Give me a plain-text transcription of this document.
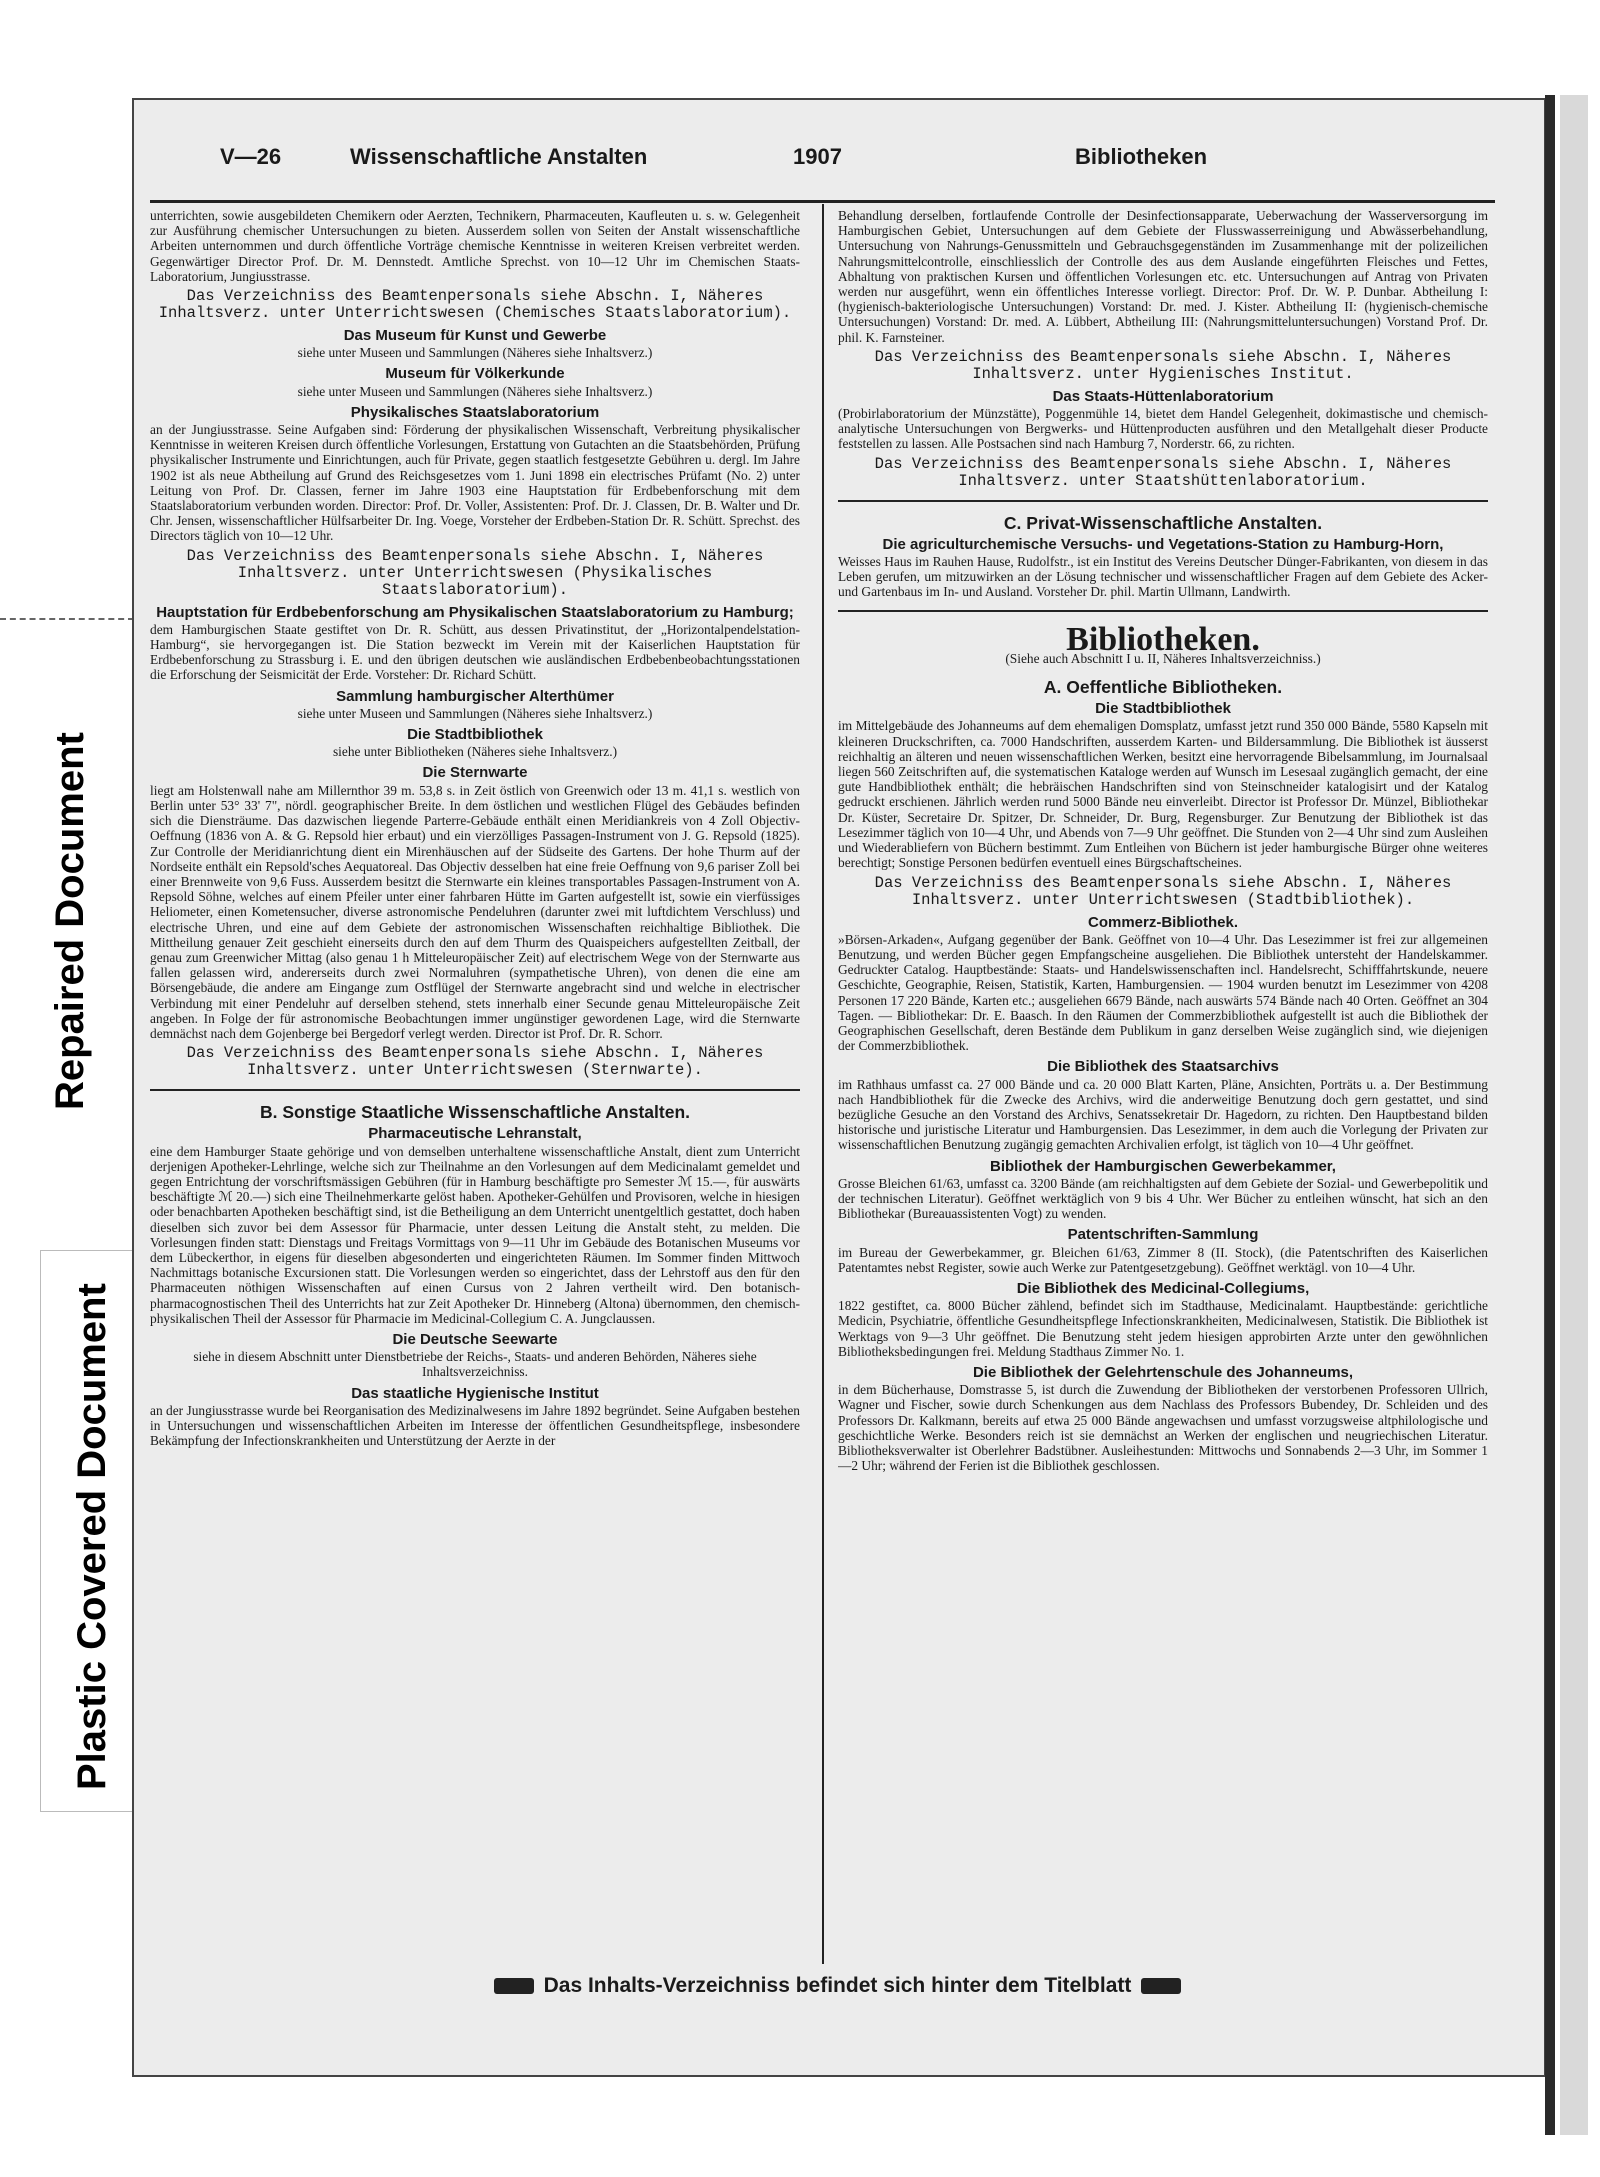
Repaired Document
Plastic Covered Document
V—26	Wissenschaftliche Anstalten	1907	Bibliotheken

unterrichten, sowie ausgebildeten Chemikern oder Aerzten, Technikern, Pharmaceuten, Kaufleuten u. s. w. Gelegenheit zur Ausführung chemischer Untersuchungen zu bieten. Ausserdem sollen von Seiten der Anstalt wissenschaftliche Arbeiten unternommen und durch öffentliche Vorträge chemische Kenntnisse in weiteren Kreisen verbreitet werden. Gegenwärtiger Director Prof. Dr. M. Dennstedt. Amtliche Sprechst. von 10—12 Uhr im Chemischen Staats-Laboratorium, Jungiusstrasse.

Das Verzeichniss des Beamtenpersonals siehe Abschn. I, Näheres Inhaltsverz. unter Unterrichtswesen (Chemisches Staatslaboratorium).

Das Museum für Kunst und Gewerbe

siehe unter Museen und Sammlungen (Näheres siehe Inhaltsverz.)

Museum für Völkerkunde

siehe unter Museen und Sammlungen (Näheres siehe Inhaltsverz.)

Physikalisches Staatslaboratorium

an der Jungiusstrasse. Seine Aufgaben sind: Förderung der physikalischen Wissenschaft, Verbreitung physikalischer Kenntnisse in weiteren Kreisen durch öffentliche Vorlesungen, Erstattung von Gutachten an die Staatsbehörden, Prüfung physikalischer Instrumente und Einrichtungen, auch für Private, gegen staatlich festgesetzte Gebühren u. dergl. Im Jahre 1902 ist als neue Abtheilung auf Grund des Reichsgesetzes vom 1. Juni 1898 ein electrisches Prüfamt (No. 2) unter Leitung von Prof. Dr. Classen, ferner im Jahre 1903 eine Hauptstation für Erdbebenforschung mit dem Staatslaboratorium verbunden worden. Director: Prof. Dr. Voller, Assistenten: Prof. Dr. J. Classen, Dr. B. Walter und Dr. Chr. Jensen, wissenschaftlicher Hülfsarbeiter Dr. Ing. Voege, Vorsteher der Erdbeben-Station Dr. R. Schütt. Sprechst. des Directors täglich von 10—12 Uhr.

Das Verzeichniss des Beamtenpersonals siehe Abschn. I, Näheres Inhaltsverz. unter Unterrichtswesen (Physikalisches Staatslaboratorium).

Hauptstation für Erdbebenforschung am Physikalischen Staatslaboratorium zu Hamburg;

dem Hamburgischen Staate gestiftet von Dr. R. Schütt, aus dessen Privatinstitut, der „Horizontalpendelstation-Hamburg“, sie hervorgegangen ist. Die Station bezweckt im Verein mit der Kaiserlichen Hauptstation für Erdbebenforschung zu Strassburg i. E. und den übrigen deutschen wie ausländischen Erdbebenbeobachtungsstationen die Erforschung der Seismicität der Erde. Vorsteher: Dr. Richard Schütt.

Sammlung hamburgischer Alterthümer

siehe unter Museen und Sammlungen (Näheres siehe Inhaltsverz.)

Die Stadtbibliothek

siehe unter Bibliotheken (Näheres siehe Inhaltsverz.)

Die Sternwarte

liegt am Holstenwall nahe am Millernthor 39 m. 53,8 s. in Zeit östlich von Greenwich oder 13 m. 41,1 s. westlich von Berlin unter 53° 33' 7", nördl. geographischer Breite. In dem östlichen und westlichen Flügel des Gebäudes befinden sich die Diensträume. Das dazwischen liegende Parterre-Gebäude enthält einen Meridiankreis von 4 Zoll Objectiv-Oeffnung (1836 von A. & G. Repsold hier erbaut) und ein vierzölliges Passagen-Instrument von J. G. Repsold (1825). Zur Controlle der Meridianrichtung dient ein Mirenhäuschen auf der Südseite des Gartens. Der hohe Thurm auf der Nordseite enthält ein Repsold'sches Aequatoreal. Das Objectiv desselben hat eine freie Oeffnung von 9,6 pariser Zoll bei einer Brennweite von 9,6 Fuss. Ausserdem besitzt die Sternwarte ein kleines transportables Passagen-Instrument von A. Repsold Söhne, welches auf einem Pfeiler unter einer fahrbaren Hütte im Garten aufgestellt ist, sowie ein vierfüssiges Heliometer, einen Kometensucher, diverse astronomische Pendeluhren (darunter zwei mit luftdichtem Verschluss) und electrische Uhren, und eine auf dem Gebiete der astronomischen Wissenschaften reichhaltige Bibliothek. Die Mittheilung genauer Zeit geschieht einerseits durch den auf dem Thurm des Quaispeichers aufgestellten Zeitball, der genau zum Greenwicher Mittag (also genau 1 h Mitteleuropäischer Zeit) auf electrischem Wege von der Sternwarte aus fallen gelassen wird, andererseits durch zwei Normaluhren (sympathetische Uhren), von denen die eine am Börsengebäude, die andere am Eingange zum Ostflügel der Sternwarte angebracht sind und welche in electrischer Verbindung mit einer Pendeluhr auf derselben stehend, stets innerhalb einer Secunde genau Mitteleuropäische Zeit angeben. In Folge der für astronomische Beobachtungen immer ungünstiger gewordenen Lage, wird die Sternwarte demnächst nach dem Gojenberge bei Bergedorf verlegt werden. Director ist Prof. Dr. R. Schorr.

Das Verzeichniss des Beamtenpersonals siehe Abschn. I, Näheres Inhaltsverz. unter Unterrichtswesen (Sternwarte).

B. Sonstige Staatliche Wissenschaftliche Anstalten.

Pharmaceutische Lehranstalt,

eine dem Hamburger Staate gehörige und von demselben unterhaltene wissenschaftliche Anstalt, dient zum Unterricht derjenigen Apotheker-Lehrlinge, welche sich zur Theilnahme an den Vorlesungen auf dem Medicinalamt gemeldet und gegen Entrichtung der vorschriftsmässigen Gebühren (für in Hamburg beschäftigte pro Semester ℳ 15.—, für auswärts beschäftigte ℳ 20.—) sich eine Theilnehmerkarte gelöst haben. Apotheker-Gehülfen und Provisoren, welche in hiesigen oder benachbarten Apotheken beschäftigt sind, ist die Betheiligung an dem Unterricht unentgeltlich gestattet, doch haben dieselben sich zuvor bei dem Assessor für Pharmacie, unter dessen Leitung die Anstalt steht, zu melden. Die Vorlesungen finden statt: Dienstags und Freitags Vormittags von 9—11 Uhr im Gebäude des Botanischen Museums vor dem Lübeckerthor, in eigens für dieselben abgesonderten und eingerichteten Räumen. Im Sommer finden Mittwoch Nachmittags botanische Excursionen statt. Die Vorlesungen werden so eingerichtet, dass der Lehrstoff aus den für den Pharmaceuten nöthigen Wissenschaften auf einen Cursus von 2 Jahren vertheilt wird. Den botanisch-pharmacognostischen Theil des Unterrichts hat zur Zeit Apotheker Dr. Hinneberg (Altona) übernommen, den chemisch-physikalischen Theil der Assessor für Pharmacie im Medicinal-Collegium C. A. Jungclaussen.

Die Deutsche Seewarte

siehe in diesem Abschnitt unter Dienstbetriebe der Reichs-, Staats- und anderen Behörden, Näheres siehe Inhaltsverzeichniss.

Das staatliche Hygienische Institut

an der Jungiusstrasse wurde bei Reorganisation des Medizinalwesens im Jahre 1892 begründet. Seine Aufgaben bestehen in Untersuchungen und wissenschaftlichen Arbeiten im Interesse der öffentlichen Gesundheitspflege, insbesondere Bekämpfung der Infectionskrankheiten und Unterstützung der Aerzte in der

Behandlung derselben, fortlaufende Controlle der Desinfectionsapparate, Ueberwachung der Wasserversorgung im Hamburgischen Gebiet, Untersuchungen auf dem Gebiete der Flusswasserreinigung und Abwässerbehandlung, Untersuchung von Nahrungs-Genussmitteln und Gebrauchsgegenständen im Zusammenhange mit der polizeilichen Nahrungsmittelcontrolle, einschliesslich der Controlle des aus dem Auslande eingeführten Fleisches und Fettes, Abhaltung von praktischen Kursen und öffentlichen Vorlesungen etc. etc. Untersuchungen auf Antrag von Privaten werden nur ausgeführt, wenn ein öffentliches Interesse vorliegt. Director: Prof. Dr. W. P. Dunbar. Abtheilung I: (hygienisch-bakteriologische Untersuchungen) Vorstand: Dr. med. J. Kister. Abtheilung II: (hygienisch-chemische Untersuchungen) Vorstand: Dr. med. A. Lübbert, Abtheilung III: (Nahrungsmitteluntersuchungen) Vorstand Prof. Dr. phil. K. Farnsteiner.

Das Verzeichniss des Beamtenpersonals siehe Abschn. I, Näheres Inhaltsverz. unter Hygienisches Institut.

Das Staats-Hüttenlaboratorium

(Probirlaboratorium der Münzstätte), Poggenmühle 14, bietet dem Handel Gelegenheit, dokimastische und chemisch-analytische Untersuchungen von Bergwerks- und Hüttenproducten ausführen und den Metallgehalt dieser Producte feststellen zu lassen. Alle Postsachen sind nach Hamburg 7, Norderstr. 66, zu richten.

Das Verzeichniss des Beamtenpersonals siehe Abschn. I, Näheres Inhaltsverz. unter Staatshüttenlaboratorium.

C. Privat-Wissenschaftliche Anstalten.

Die agriculturchemische Versuchs- und Vegetations-Station zu Hamburg-Horn,

Weisses Haus im Rauhen Hause, Rudolfstr., ist ein Institut des Vereins Deutscher Dünger-Fabrikanten, von diesem in das Leben gerufen, um mitzuwirken an der Lösung technischer und wissenschaftlicher Fragen auf dem Gebiete des Acker- und Gartenbaus im In- und Ausland. Vorsteher Dr. phil. Martin Ullmann, Landwirth.

Bibliotheken.

(Siehe auch Abschnitt I u. II, Näheres Inhaltsverzeichniss.)

A. Oeffentliche Bibliotheken.

Die Stadtbibliothek

im Mittelgebäude des Johanneums auf dem ehemaligen Domsplatz, umfasst jetzt rund 350 000 Bände, 5580 Kapseln mit kleineren Druckschriften, ca. 7000 Handschriften, ausserdem Karten- und Bildersammlung. Die Bibliothek ist äusserst reichhaltig an älteren und neuen wissenschaftlichen Werken, besitzt eine hervorragende Bibelsammlung, im Journalsaal liegen 560 Zeitschriften auf, die systematischen Kataloge werden auf Wunsch im Lesesaal zugänglich gemacht, der eine gute Handbibliothek enthält; die hebräischen Handschriften sind von Steinschneider katalogisirt und der Katalog gedruckt erschienen. Jährlich werden rund 5000 Bände neu einverleibt. Director ist Professor Dr. Münzel, Bibliothekar Dr. Küster, Secretaire Dr. Spitzer, Dr. Schneider, Dr. Burg, Regensburger. Zur Benutzung der Bibliothek ist das Lesezimmer täglich von 10—4 Uhr, und Abends von 7—9 Uhr geöffnet. Die Stunden von 2—4 Uhr sind zum Ausleihen und Wiederabliefern von Büchern bestimmt. Zum Entleihen von Büchern ist jeder hamburgische Bürger ohne weiteres berechtigt; Sonstige Personen bedürfen eventuell eines Bürgschaftscheines.

Das Verzeichniss des Beamtenpersonals siehe Abschn. I, Näheres Inhaltsverz. unter Unterrichtswesen (Stadtbibliothek).

Commerz-Bibliothek.

»Börsen-Arkaden«, Aufgang gegenüber der Bank. Geöffnet von 10—4 Uhr. Das Lesezimmer ist frei zur allgemeinen Benutzung, und werden Bücher gegen Empfangscheine ausgeliehen. Die Bibliothek untersteht der Handelskammer. Gedruckter Catalog. Hauptbestände: Staats- und Handelswissenschaften incl. Handelsrecht, Schifffahrtskunde, neuere Geschichte, Geographie, Reisen, Statistik, Karten, Hamburgensien. — 1904 wurden benutzt im Lesezimmer von 4208 Personen 17 220 Bände, Karten etc.; ausgeliehen 6679 Bände, nach auswärts 574 Bände nach 40 Orten. Geöffnet an 304 Tagen. — Bibliothekar: Dr. E. Baasch. In den Räumen der Commerzbibliothek aufgestellt ist auch die Bibliothek der Geographischen Gesellschaft, deren Bestände dem Publikum in ganz derselben Weise zugänglich sind, wie diejenigen der Commerzbibliothek.

Die Bibliothek des Staatsarchivs

im Rathhaus umfasst ca. 27 000 Bände und ca. 20 000 Blatt Karten, Pläne, Ansichten, Porträts u. a. Der Bestimmung nach Handbibliothek für die Zwecke des Archivs, wird die anderweitige Benutzung doch gern gestattet, und sind bezügliche Gesuche an den Vorstand des Archivs, Senatssekretair Dr. Hagedorn, zu richten. Den Hauptbestand bilden historische und juristische Literatur und Hamburgensien. Das Lesezimmer, in dem auch die Vorlegung der Privaten zur wissenschaftlichen Benutzung zugängig gemachten Archivalien erfolgt, ist täglich von 10—4 Uhr geöffnet.

Bibliothek der Hamburgischen Gewerbekammer,

Grosse Bleichen 61/63, umfasst ca. 3200 Bände (am reichhaltigsten auf dem Gebiete der Sozial- und Gewerbepolitik und der technischen Literatur). Geöffnet werktäglich von 9 bis 4 Uhr. Wer Bücher zu entleihen wünscht, hat sich an den Bibliothekar (Bureauassistenten Vogt) zu wenden.

Patentschriften-Sammlung

im Bureau der Gewerbekammer, gr. Bleichen 61/63, Zimmer 8 (II. Stock), (die Patentschriften des Kaiserlichen Patentamtes nebst Register, sowie auch Werke zur Patentgesetzgebung). Geöffnet werktägl. von 10—4 Uhr.

Die Bibliothek des Medicinal-Collegiums,

1822 gestiftet, ca. 8000 Bücher zählend, befindet sich im Stadthause, Medicinalamt. Hauptbestände: gerichtliche Medicin, Psychiatrie, öffentliche Gesundheitspflege Infectionskrankheiten, Medicinalwesen, Statistik. Die Bibliothek ist Werktags von 9—3 Uhr geöffnet. Die Benutzung steht jedem hiesigen approbirten Arzte unter den gewöhnlichen Bibliotheksbedingungen frei. Meldung Stadthaus Zimmer No. 1.

Die Bibliothek der Gelehrtenschule des Johanneums,

in dem Bücherhause, Domstrasse 5, ist durch die Zuwendung der Bibliotheken der verstorbenen Professoren Ullrich, Wagner und Fischer, sowie durch Schenkungen aus dem Nachlass des Professors Bubendey, Dr. Schleiden und des Professors Dr. Kalkmann, bereits auf etwa 25 000 Bände angewachsen und umfasst vorzugsweise altphilologische und geschichtliche Werke. Besonders reich ist sie demnächst an Werken der englischen und neugriechischen Literatur. Bibliotheksverwalter ist Oberlehrer Badstübner. Ausleihestunden: Mittwochs und Sonnabends 2—3 Uhr, im Sommer 1—2 Uhr; während der Ferien ist die Bibliothek geschlossen.

Das Inhalts-Verzeichniss befindet sich hinter dem Titelblatt
